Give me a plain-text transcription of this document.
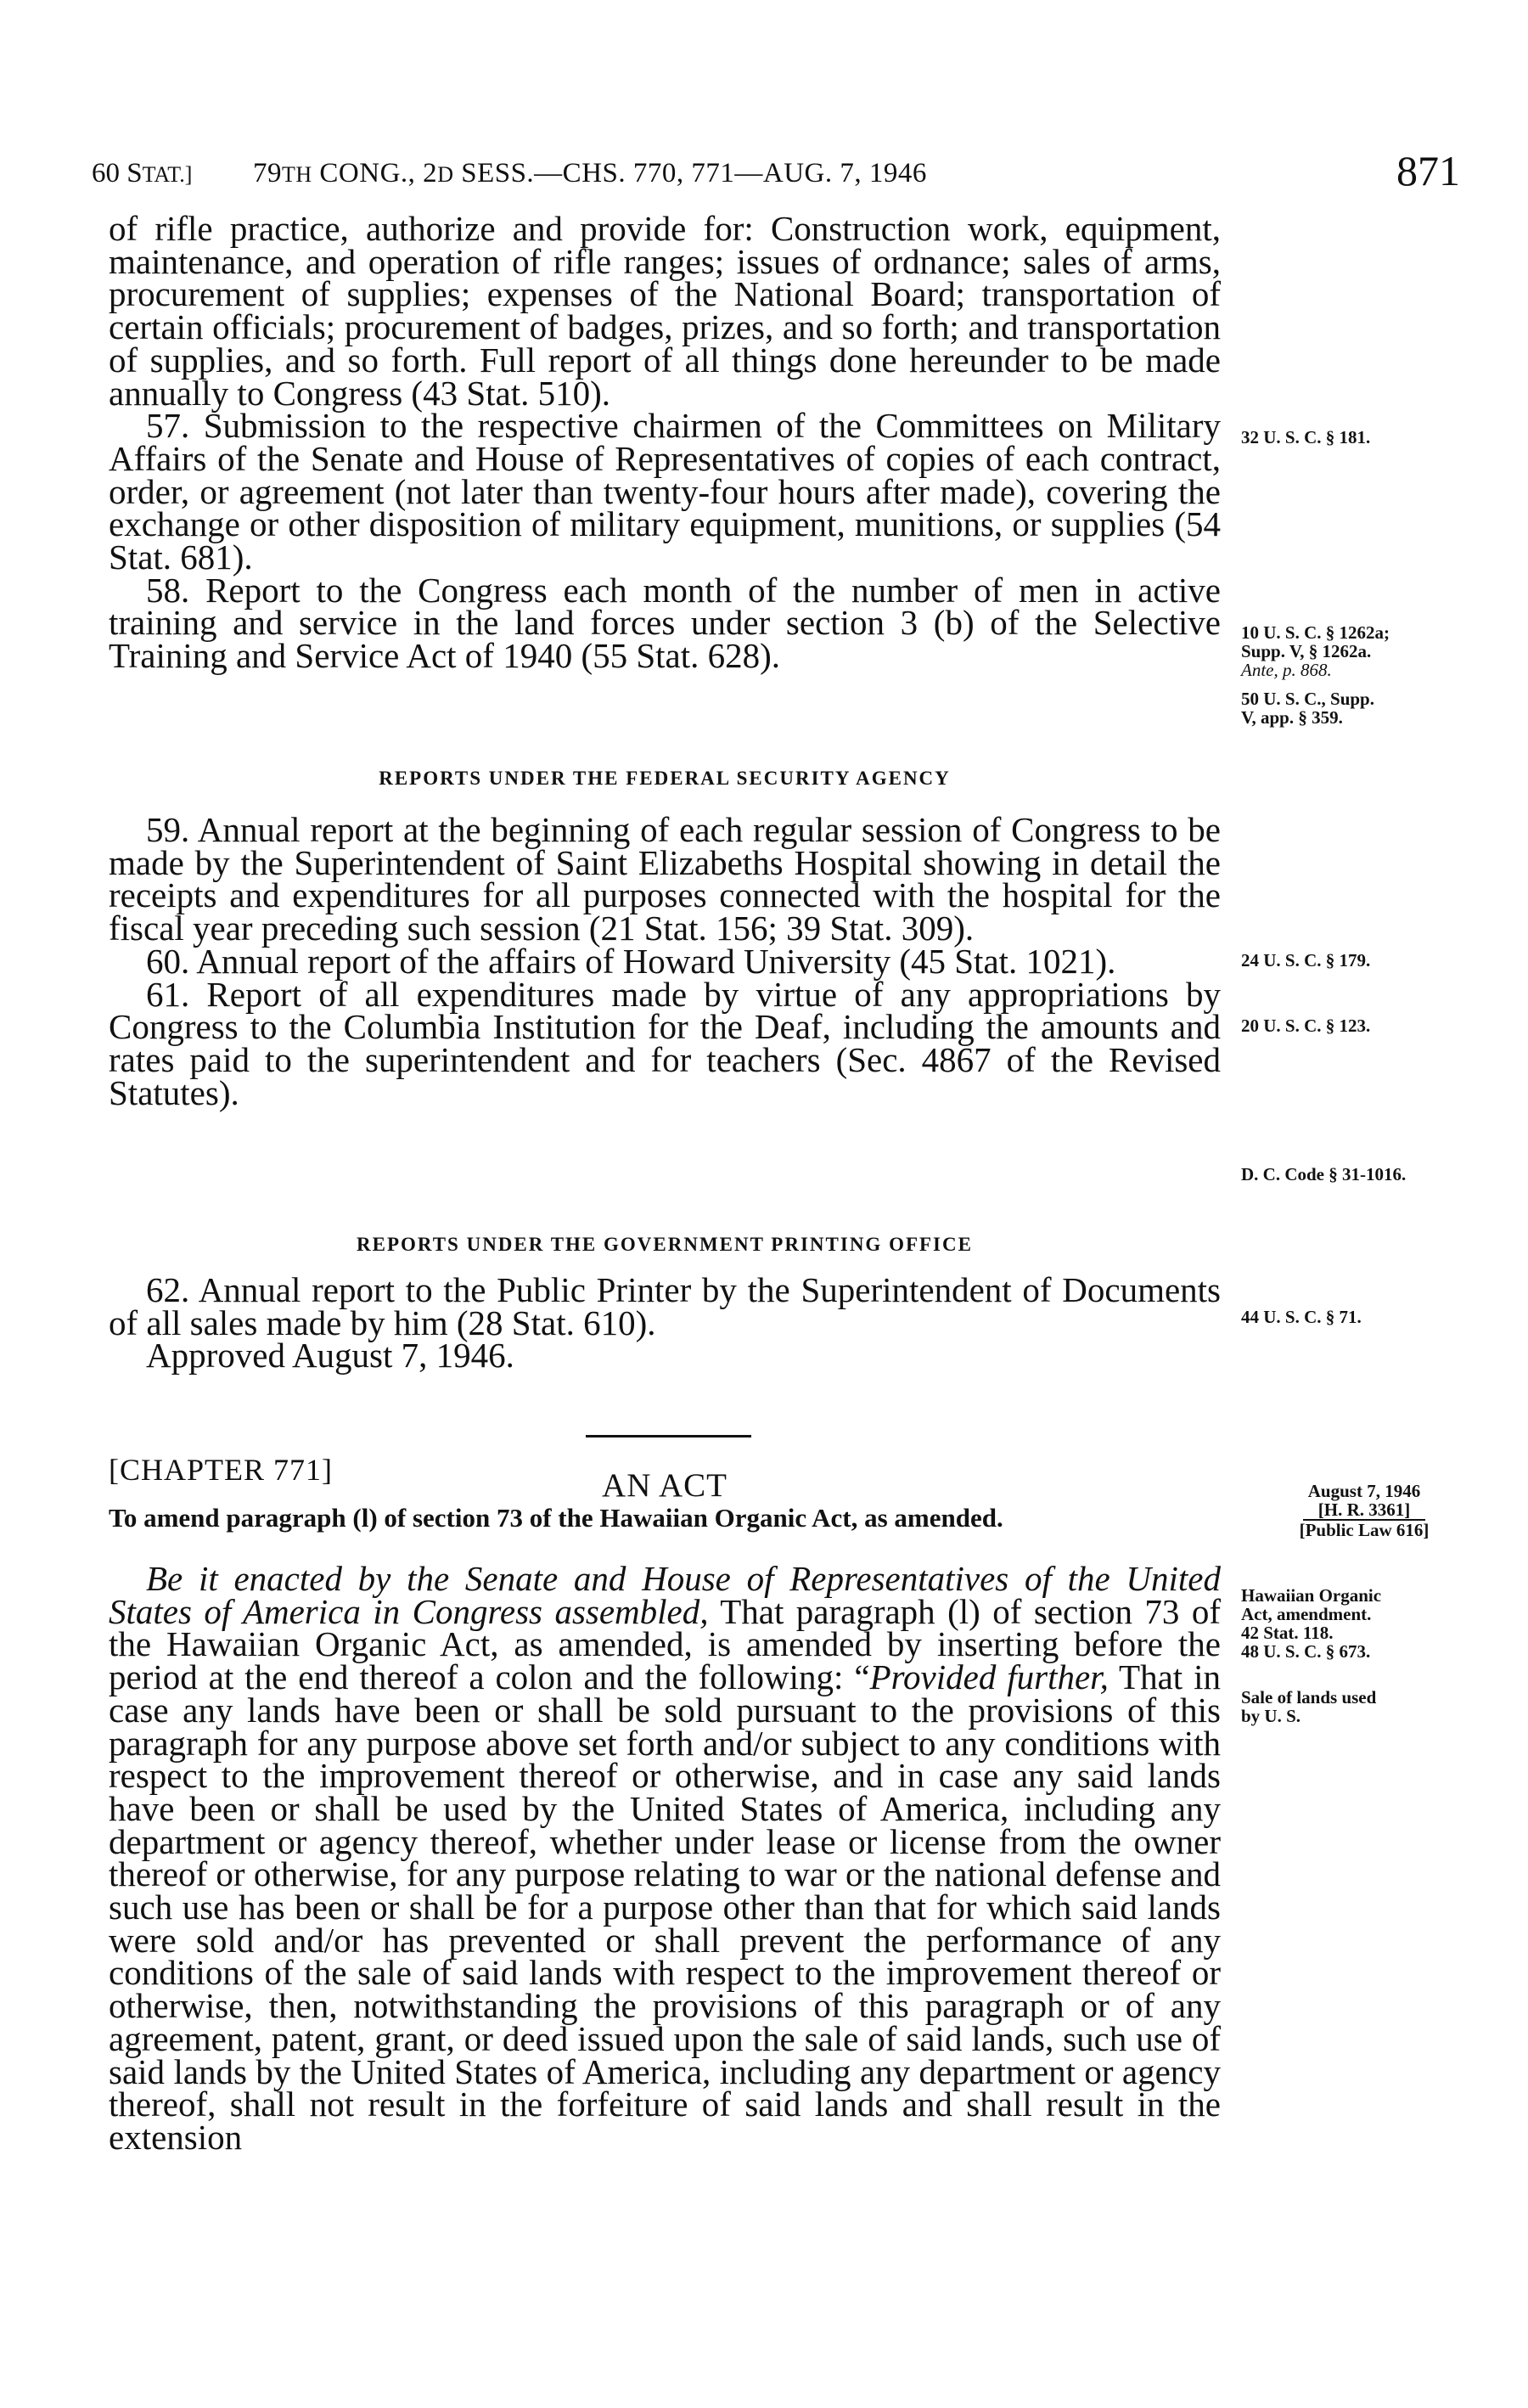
60 STAT.] 79TH CONG., 2D SESS.—CHS. 770, 771—AUG. 7, 1946	871

of rifle practice, authorize and provide for: Construction work, equipment, maintenance, and operation of rifle ranges; issues of ordnance; sales of arms, procurement of supplies; expenses of the National Board; transportation of certain officials; procurement of badges, prizes, and so forth; and transportation of supplies, and so forth. Full report of all things done hereunder to be made annually to Congress (43 Stat. 510).

57. Submission to the respective chairmen of the Committees on Military Affairs of the Senate and House of Representatives of copies of each contract, order, or agreement (not later than twenty-four hours after made), covering the exchange or other disposition of military equipment, munitions, or supplies (54 Stat. 681).

58. Report to the Congress each month of the number of men in active training and service in the land forces under section 3 (b) of the Selective Training and Service Act of 1940 (55 Stat. 628).

REPORTS UNDER THE FEDERAL SECURITY AGENCY

59. Annual report at the beginning of each regular session of Congress to be made by the Superintendent of Saint Elizabeths Hospital showing in detail the receipts and expenditures for all purposes connected with the hospital for the fiscal year preceding such session (21 Stat. 156; 39 Stat. 309).

60. Annual report of the affairs of Howard University (45 Stat. 1021).

61. Report of all expenditures made by virtue of any appropriations by Congress to the Columbia Institution for the Deaf, including the amounts and rates paid to the superintendent and for teachers (Sec. 4867 of the Revised Statutes).

REPORTS UNDER THE GOVERNMENT PRINTING OFFICE

62. Annual report to the Public Printer by the Superintendent of Documents of all sales made by him (28 Stat. 610).

Approved August 7, 1946.

[CHAPTER 771]	AN ACT
To amend paragraph (l) of section 73 of the Hawaiian Organic Act, as amended.

Be it enacted by the Senate and House of Representatives of the United States of America in Congress assembled, That paragraph (l) of section 73 of the Hawaiian Organic Act, as amended, is amended by inserting before the period at the end thereof a colon and the following: “Provided further, That in case any lands have been or shall be sold pursuant to the provisions of this paragraph for any purpose above set forth and/or subject to any conditions with respect to the improvement thereof or otherwise, and in case any said lands have been or shall be used by the United States of America, including any department or agency thereof, whether under lease or license from the owner thereof or otherwise, for any purpose relating to war or the national defense and such use has been or shall be for a purpose other than that for which said lands were sold and/or has prevented or shall prevent the performance of any conditions of the sale of said lands with respect to the improvement thereof or otherwise, then, notwithstanding the provisions of this paragraph or of any agreement, patent, grant, or deed issued upon the sale of said lands, such use of said lands by the United States of America, including any department or agency thereof, shall not result in the forfeiture of said lands and shall result in the extension

32 U. S. C. § 181.
10 U. S. C. § 1262a;
Supp. V, § 1262a.
Ante, p. 868.
50 U. S. C., Supp.
V, app. § 359.
24 U. S. C. § 179.
20 U. S. C. § 123.
D. C. Code § 31-1016.
44 U. S. C. § 71.
August 7, 1946
[H. R. 3361]
[Public Law 616]
Hawaiian Organic
Act, amendment.
42 Stat. 118.
48 U. S. C. § 673.
Sale of lands used
by U. S.
